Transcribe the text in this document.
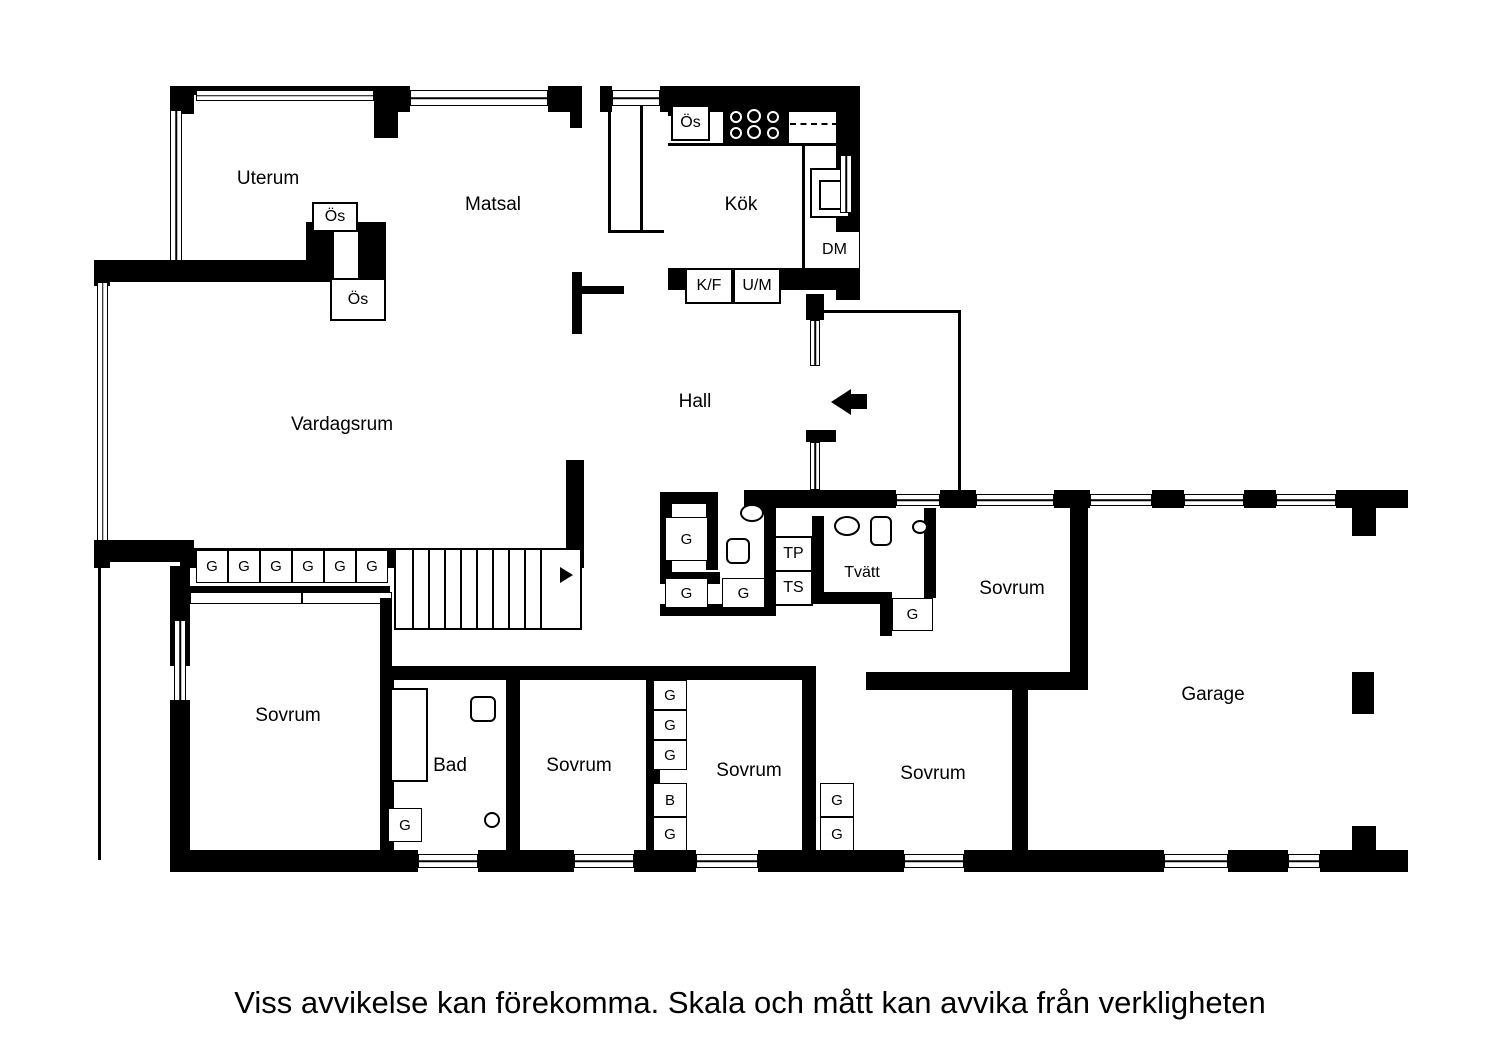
Uterum
Matsal	Kök
Vardagsrum
Hall
Tvätt
Sovrum
Garage
Sovrum
Bad	Sovrum	Sovrum	Sovrum
Ös
Ös
Ös
DM
K/F	U/M
TP
TS
G	G	G	G	G	G
G
G	G
G
G
G
G
G
B
G
G
G
Viss avvikelse kan förekomma. Skala och mått kan avvika från verkligheten
